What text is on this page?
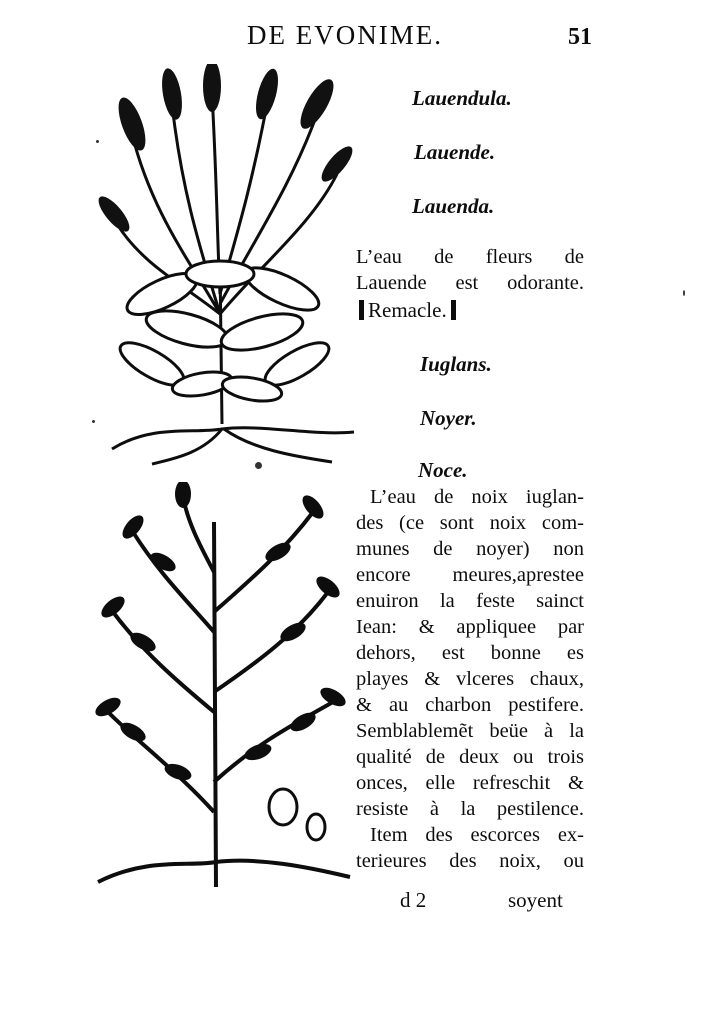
DE EVONIME.	51
Lauendula.
Lauende.
Lauenda.
L’eau de fleurs de
Lauende est odorante.
Remacle.
Iuglans.
Noyer.
Noce.
L’eau de noix iuglan-
des (ce sont noix com-
munes de noyer) non
encore meures,aprestee
enuiron la feste sainct
Iean: & appliquee par
dehors, est bonne es
playes & vlceres chaux,
& au charbon pestifere.
Semblablemẽt beüe à la
qualité de deux ou trois
onces, elle refreschit &
resiste à la pestilence.
Item des escorces ex-
terieures des noix, ou
d 2	soyent
